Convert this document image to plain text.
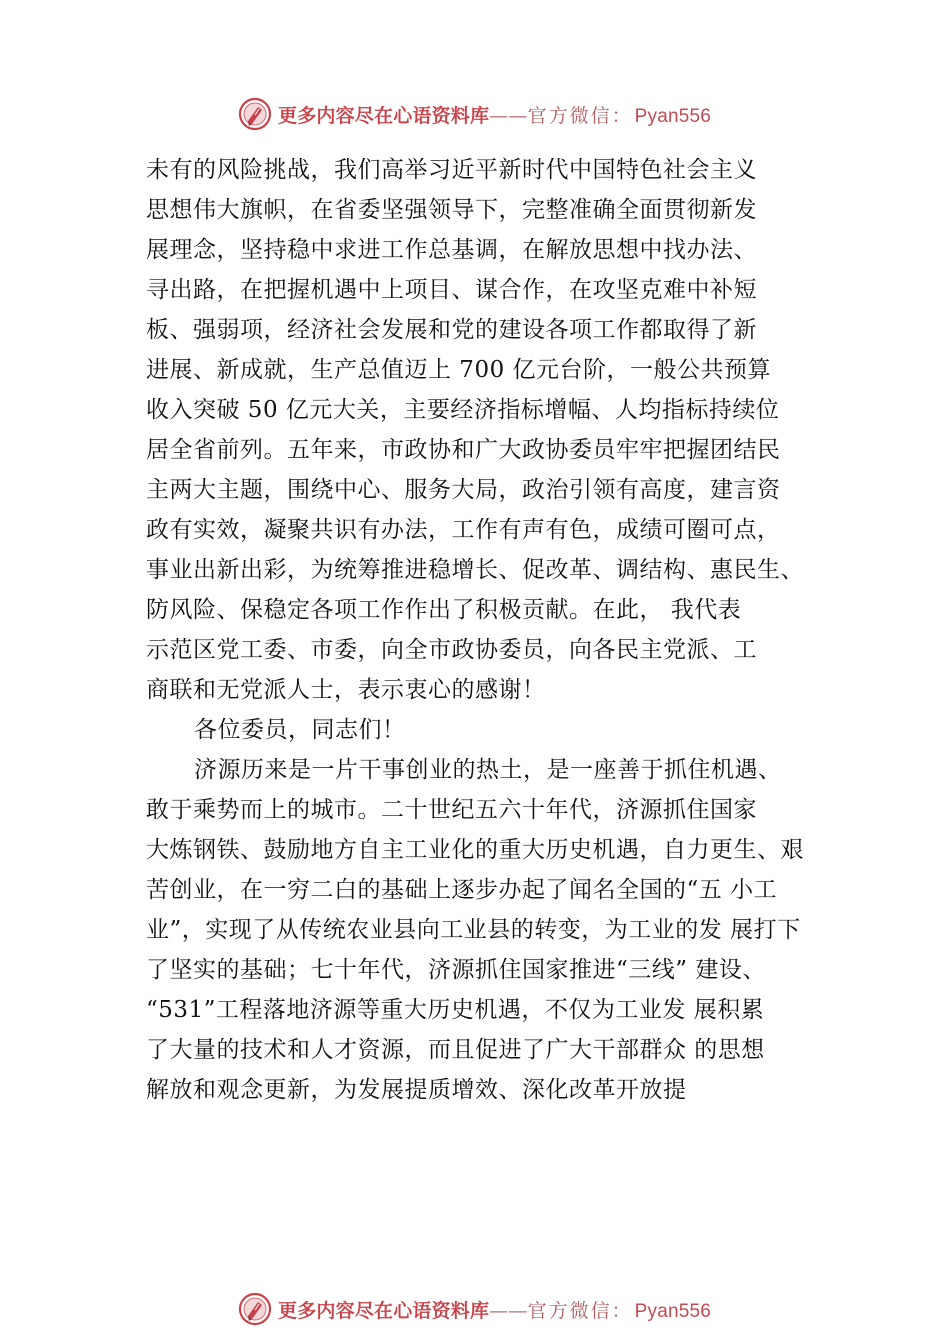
更多内容尽在心语资料库——官方微信： Pyan556
未有的风险挑战，我们高举习近平新时代中国特色社会主义
思想伟大旗帜，在省委坚强领导下，完整准确全面贯彻新发
展理念，坚持稳中求进工作总基调，在解放思想中找办法、
寻出路，在把握机遇中上项目、谋合作，在攻坚克难中补短
板、强弱项，经济社会发展和党的建设各项工作都取得了新
进展、新成就，生产总值迈上 700 亿元台阶，一般公共预算
收入突破 50 亿元大关，主要经济指标增幅、人均指标持续位
居全省前列。五年来，市政协和广大政协委员牢牢把握团结民
主两大主题，围绕中心、服务大局，政治引领有高度，建言资
政有实效，凝聚共识有办法，工作有声有色，成绩可圈可点，
事业出新出彩，为统筹推进稳增长、促改革、调结构、惠民生、
防风险、保稳定各项工作作出了积极贡献。在此， 我代表
示范区党工委、市委，向全市政协委员，向各民主党派、工
商联和无党派人士，表示衷心的感谢！
各位委员，同志们！
济源历来是一片干事创业的热土，是一座善于抓住机遇、
敢于乘势而上的城市。二十世纪五六十年代，济源抓住国家
大炼钢铁、鼓励地方自主工业化的重大历史机遇，自力更生、艰
苦创业，在一穷二白的基础上逐步办起了闻名全国的“五 小工
业”，实现了从传统农业县向工业县的转变，为工业的发 展打下
了坚实的基础；七十年代，济源抓住国家推进“三线” 建设、
“531”工程落地济源等重大历史机遇，不仅为工业发 展积累
了大量的技术和人才资源，而且促进了广大干部群众 的思想
解放和观念更新，为发展提质增效、深化改革开放提
更多内容尽在心语资料库——官方微信： Pyan556
